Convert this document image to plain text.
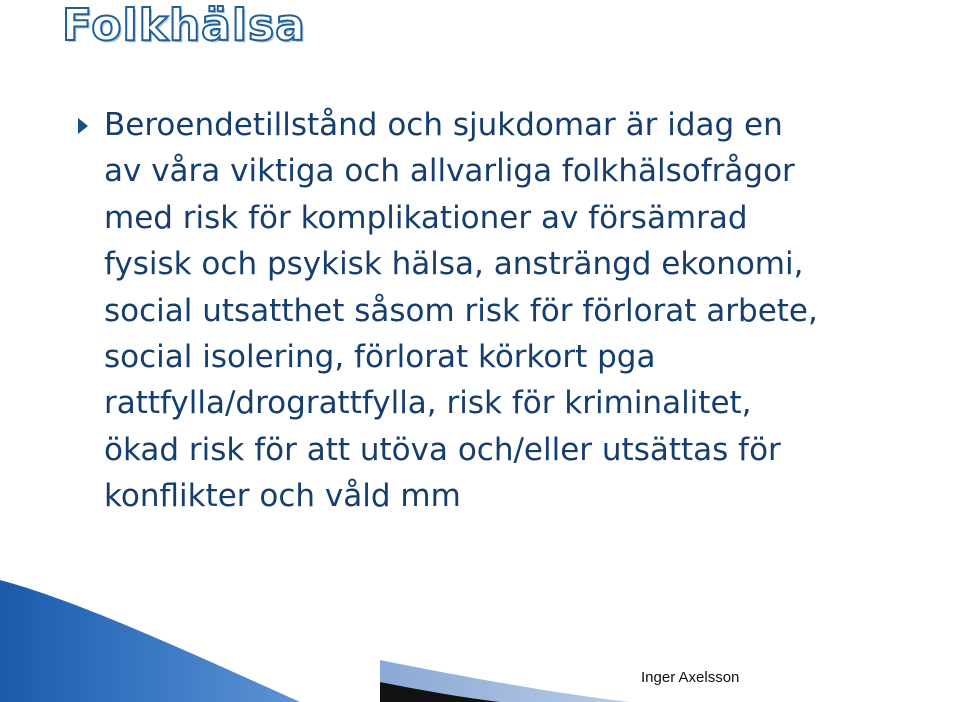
Folkhälsa

Beroendetillstånd och sjukdomar är idag en
av våra viktiga och allvarliga folkhälsofrågor
med risk för komplikationer av försämrad
fysisk och psykisk hälsa, ansträngd ekonomi,
social utsatthet såsom risk för förlorat arbete,
social isolering, förlorat körkort pga
rattfylla/drograttfylla, risk för kriminalitet,
ökad risk för att utöva och/eller utsättas för
konflikter och våld mm

Inger Axelsson
